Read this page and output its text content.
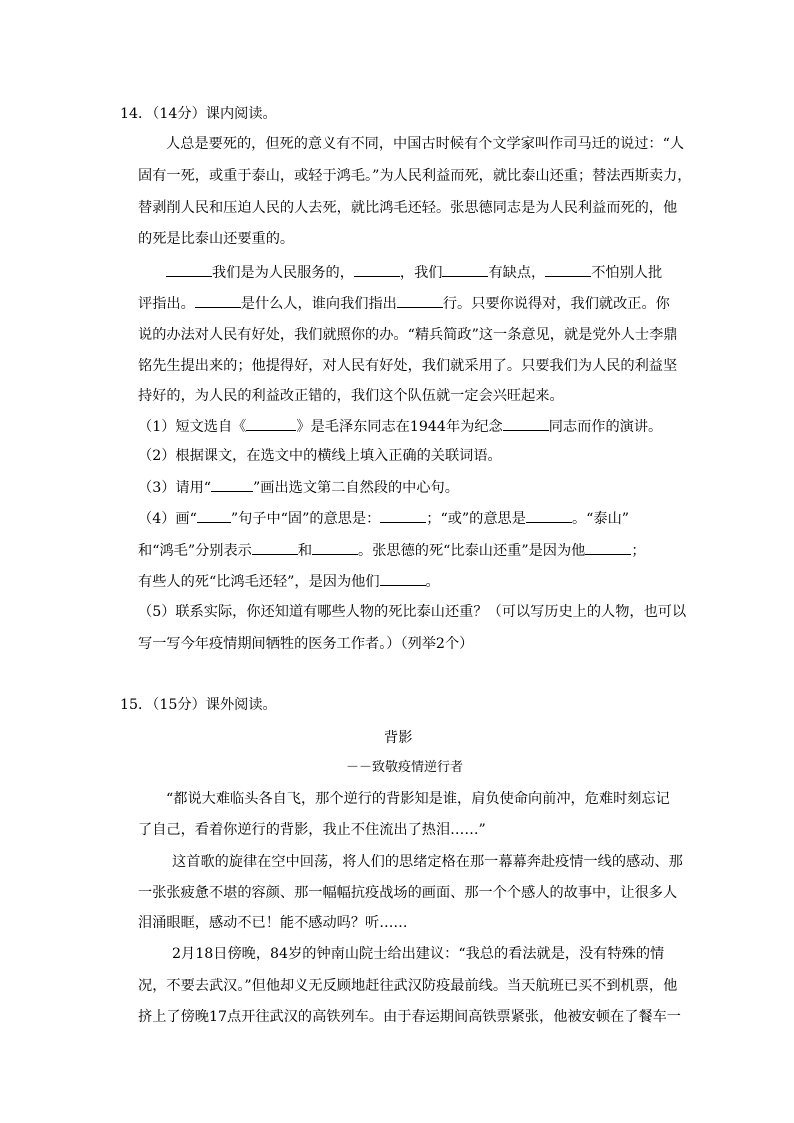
14．（14分）课内阅读。
人总是要死的，但死的意义有不同，中国古时候有个文学家叫作司马迁的说过：“人
固有一死，或重于泰山，或轻于鸿毛。”为人民利益而死，就比泰山还重；替法西斯卖力，
替剥削人民和压迫人民的人去死，就比鸿毛还轻。张思德同志是为人民利益而死的，他
的死是比泰山还要重的。
我们是为人民服务的，	，我们	有缺点，	不怕别人批
评指出。	是什么人，谁向我们指出	行。只要你说得对，我们就改正。你
说的办法对人民有好处，我们就照你的办。“精兵简政”这一条意见，就是党外人士李鼎
铭先生提出来的；他提得好，对人民有好处，我们就采用了。只要我们为人民的利益坚
持好的，为人民的利益改正错的，我们这个队伍就一定会兴旺起来。
（1）短文选自《	》是毛泽东同志在1944年为纪念	同志而作的演讲。
（2）根据课文，在选文中的横线上填入正确的关联词语。
（3）请用“	”画出选文第二自然段的中心句。
（4）画“ ”句子中“固”的意思是：	；“或”的意思是	。“泰山”
和“鸿毛”分别表示	和	。张思德的死“比泰山还重”是因为他	；
有些人的死“比鸿毛还轻”，是因为他们	。
（5）联系实际，你还知道有哪些人物的死比泰山还重？（可以写历史上的人物，也可以
写一写今年疫情期间牺牲的医务工作者。）（列举2个）
15．（15分）课外阅读。
背影
－－致敬疫情逆行者
“都说大难临头各自飞，那个逆行的背影知是谁，肩负使命向前冲，危难时刻忘记
了自己，看着你逆行的背影，我止不住流出了热泪……”
这首歌的旋律在空中回荡，将人们的思绪定格在那一幕幕奔赴疫情一线的感动、那
一张张疲惫不堪的容颜、那一幅幅抗疫战场的画面、那一个个感人的故事中，让很多人
泪涌眼眶，感动不已！能不感动吗？听……
2月18日傍晚，84岁的钟南山院士给出建议：“我总的看法就是，没有特殊的情
况，不要去武汉。”但他却义无反顾地赶往武汉防疫最前线。当天航班已买不到机票，他
挤上了傍晚17点开往武汉的高铁列车。由于春运期间高铁票紧张，他被安顿在了餐车一
